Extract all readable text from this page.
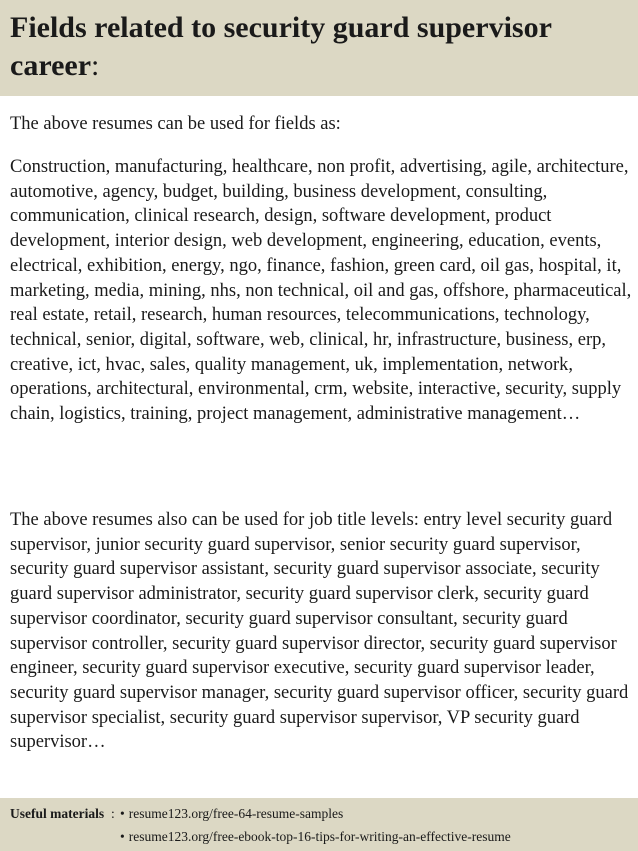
Fields related to security guard supervisor career:

The above resumes can be used for fields as:

Construction, manufacturing, healthcare, non profit, advertising, agile, architecture, automotive, agency, budget, building, business development, consulting, communication, clinical research, design, software development, product development, interior design, web development, engineering, education, events, electrical, exhibition, energy, ngo, finance, fashion, green card, oil gas, hospital, it, marketing, media, mining, nhs, non technical, oil and gas, offshore, pharmaceutical, real estate, retail, research, human resources, telecommunications, technology, technical, senior, digital, software, web, clinical, hr, infrastructure, business, erp, creative, ict, hvac, sales, quality management, uk, implementation, network, operations, architectural, environmental, crm, website, interactive, security, supply chain, logistics, training, project management, administrative management…

The above resumes also can be used for job title levels: entry level security guard supervisor, junior security guard supervisor, senior security guard supervisor, security guard supervisor assistant, security guard supervisor associate, security guard supervisor administrator, security guard supervisor clerk, security guard supervisor coordinator, security guard supervisor consultant, security guard supervisor controller, security guard supervisor director, security guard supervisor engineer, security guard supervisor executive, security guard supervisor leader, security guard supervisor manager, security guard supervisor officer, security guard supervisor specialist, security guard supervisor supervisor, VP security guard supervisor…

Useful materials : • resume123.org/free-64-resume-samples
• resume123.org/free-ebook-top-16-tips-for-writing-an-effective-resume
